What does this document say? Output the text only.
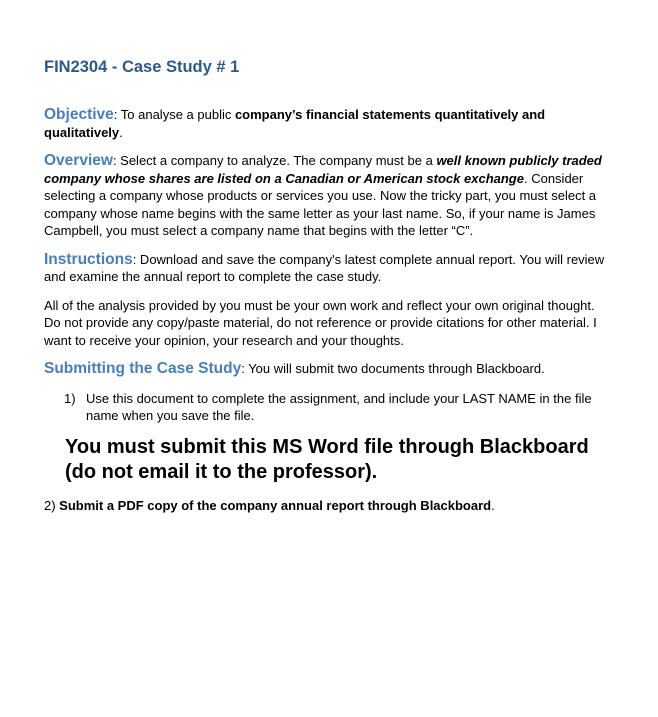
FIN2304 - Case Study # 1

Objective: To analyse a public company’s financial statements quantitatively and qualitatively.

Overview: Select a company to analyze. The company must be a well known publicly traded company whose shares are listed on a Canadian or American stock exchange. Consider selecting a company whose products or services you use. Now the tricky part, you must select a company whose name begins with the same letter as your last name. So, if your name is James Campbell, you must select a company name that begins with the letter “C”.

Instructions: Download and save the company's latest complete annual report. You will review and examine the annual report to complete the case study.

All of the analysis provided by you must be your own work and reflect your own original thought. Do not provide any copy/paste material, do not reference or provide citations for other material. I want to receive your opinion, your research and your thoughts.

Submitting the Case Study: You will submit two documents through Blackboard.

1) Use this document to complete the assignment, and include your LAST NAME in the file name when you save the file.
You must submit this MS Word file through Blackboard (do not email it to the professor).

2) Submit a PDF copy of the company annual report through Blackboard.
